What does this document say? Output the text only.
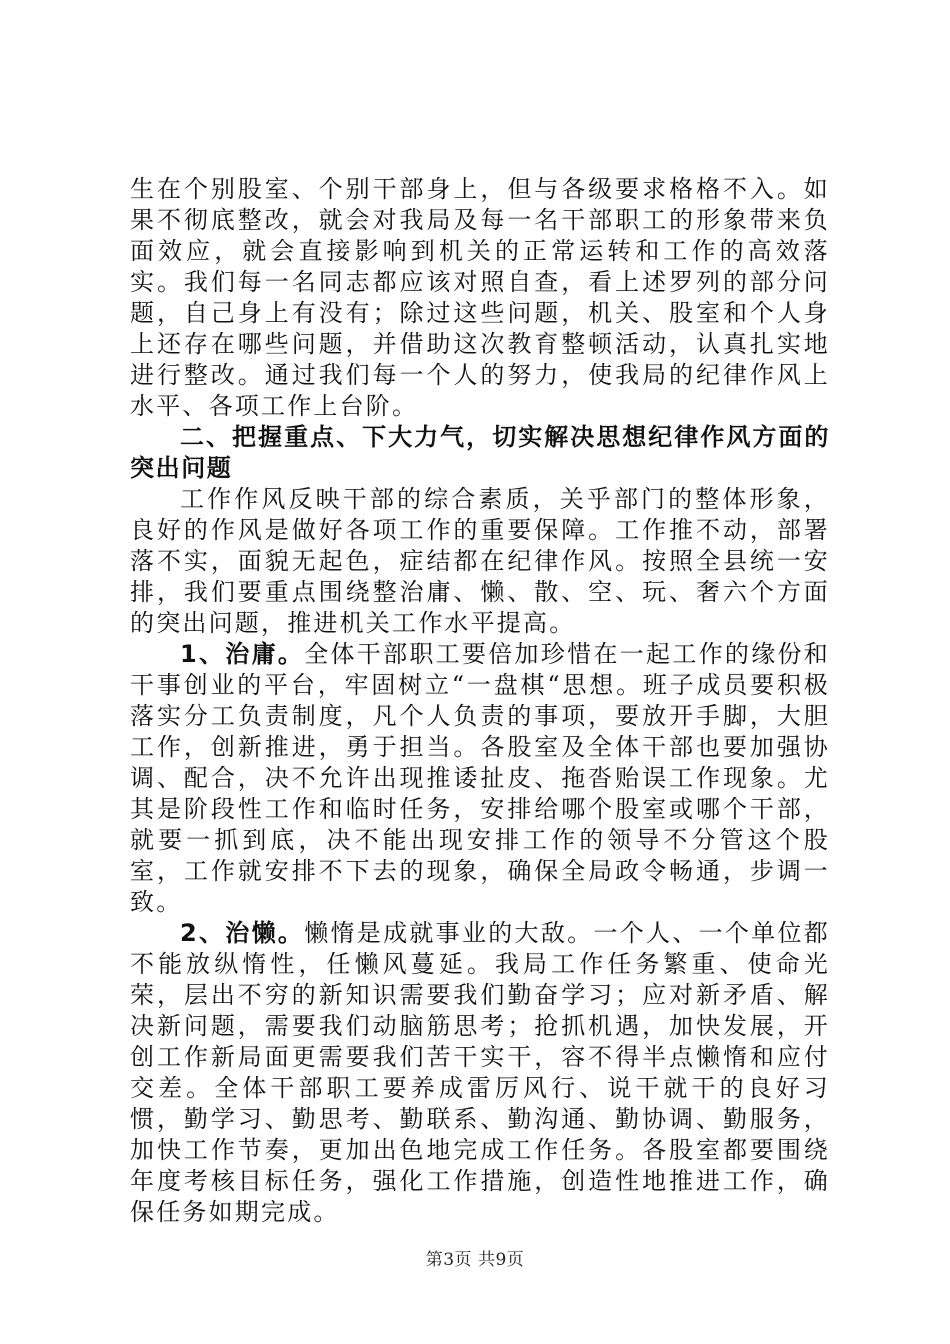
生在个别股室、个别干部身上，但与各级要求格格不入。如果不彻底整改，就会对我局及每一名干部职工的形象带来负面效应，就会直接影响到机关的正常运转和工作的高效落实。我们每一名同志都应该对照自查，看上述罗列的部分问题，自己身上有没有；除过这些问题，机关、股室和个人身上还存在哪些问题，并借助这次教育整顿活动，认真扎实地进行整改。通过我们每一个人的努力，使我局的纪律作风上水平、各项工作上台阶。

二、把握重点、下大力气，切实解决思想纪律作风方面的突出问题

工作作风反映干部的综合素质，关乎部门的整体形象，良好的作风是做好各项工作的重要保障。工作推不动，部署落不实，面貌无起色，症结都在纪律作风。按照全县统一安排，我们要重点围绕整治庸、懒、散、空、玩、奢六个方面的突出问题，推进机关工作水平提高。

1、治庸。全体干部职工要倍加珍惜在一起工作的缘份和干事创业的平台，牢固树立“一盘棋“思想。班子成员要积极落实分工负责制度，凡个人负责的事项，要放开手脚，大胆工作，创新推进，勇于担当。各股室及全体干部也要加强协调、配合，决不允许出现推诿扯皮、拖沓贻误工作现象。尤其是阶段性工作和临时任务，安排给哪个股室或哪个干部，就要一抓到底，决不能出现安排工作的领导不分管这个股室，工作就安排不下去的现象，确保全局政令畅通，步调一致。

2、治懒。懒惰是成就事业的大敌。一个人、一个单位都不能放纵惰性，任懒风蔓延。我局工作任务繁重、使命光荣，层出不穷的新知识需要我们勤奋学习；应对新矛盾、解决新问题，需要我们动脑筋思考；抢抓机遇，加快发展，开创工作新局面更需要我们苦干实干，容不得半点懒惰和应付交差。全体干部职工要养成雷厉风行、说干就干的良好习惯，勤学习、勤思考、勤联系、勤沟通、勤协调、勤服务，加快工作节奏，更加出色地完成工作任务。各股室都要围绕年度考核目标任务，强化工作措施，创造性地推进工作，确保任务如期完成。

第3页 共9页
